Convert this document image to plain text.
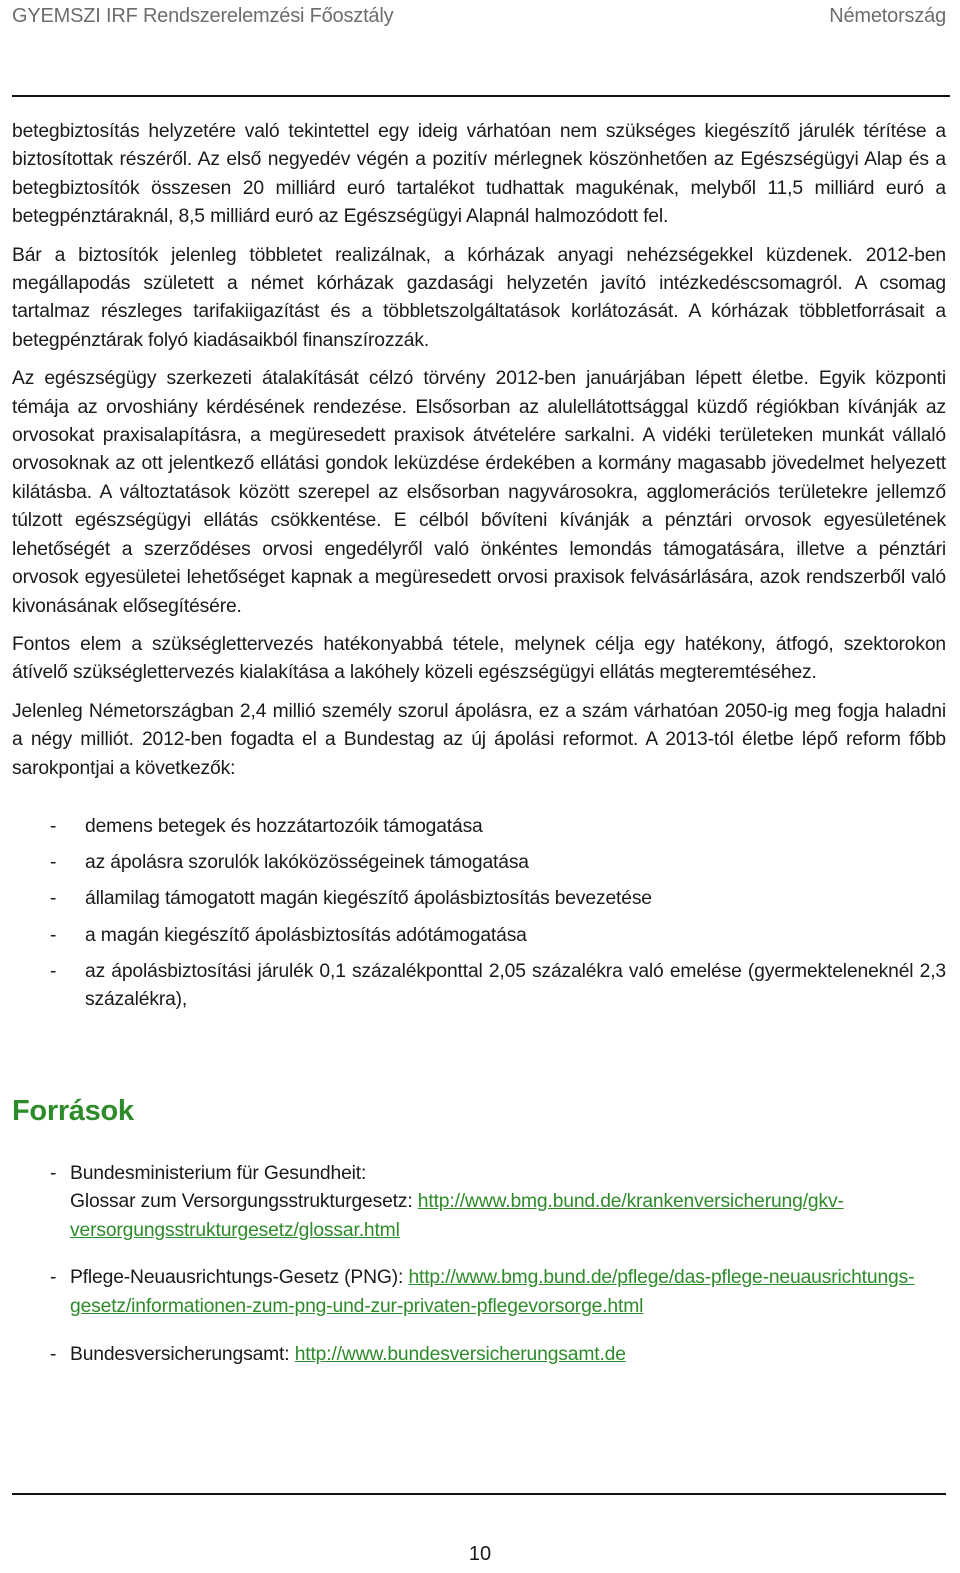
GYEMSZI IRF Rendszerelemzési Főosztály	Németország

betegbiztosítás helyzetére való tekintettel egy ideig várhatóan nem szükséges kiegészítő járulék térítése a biztosítottak részéről. Az első negyedév végén a pozitív mérlegnek köszönhetően az Egészségügyi Alap és a betegbiztosítók összesen 20 milliárd euró tartalékot tudhattak magukénak, melyből 11,5 milliárd euró a betegpénztáraknál, 8,5 milliárd euró az Egészségügyi Alapnál halmozódott fel.

Bár a biztosítók jelenleg többletet realizálnak, a kórházak anyagi nehézségekkel küzdenek. 2012-ben megállapodás született a német kórházak gazdasági helyzetén javító intézkedéscsomagról. A csomag tartalmaz részleges tarifakiigazítást és a többletszolgáltatások korlátozását. A kórházak többletforrásait a betegpénztárak folyó kiadásaikból finanszírozzák.

Az egészségügy szerkezeti átalakítását célzó törvény 2012-ben januárjában lépett életbe. Egyik központi témája az orvoshiány kérdésének rendezése. Elsősorban az alulellátottsággal küzdő régiókban kívánják az orvosokat praxisalapításra, a megüresedett praxisok átvételére sarkalni. A vidéki területeken munkát vállaló orvosoknak az ott jelentkező ellátási gondok leküzdése érdekében a kormány magasabb jövedelmet helyezett kilátásba. A változtatások között szerepel az elsősorban nagyvárosokra, agglomerációs területekre jellemző túlzott egészségügyi ellátás csökkentése. E célból bővíteni kívánják a pénztári orvosok egyesületének lehetőségét a szerződéses orvosi engedélyről való önkéntes lemondás támogatására, illetve a pénztári orvosok egyesületei lehetőséget kapnak a megüresedett orvosi praxisok felvásárlására, azok rendszerből való kivonásának elősegítésére.

Fontos elem a szükséglettervezés hatékonyabbá tétele, melynek célja egy hatékony, átfogó, szektorokon átívelő szükséglettervezés kialakítása a lakóhely közeli egészségügyi ellátás megteremtéséhez.

Jelenleg Németországban 2,4 millió személy szorul ápolásra, ez a szám várhatóan 2050-ig meg fogja haladni a négy milliót. 2012-ben fogadta el a Bundestag az új ápolási reformot. A 2013-tól életbe lépő reform főbb sarokpontjai a következők:

- demens betegek és hozzátartozóik támogatása
- az ápolásra szorulók lakóközösségeinek támogatása
- államilag támogatott magán kiegészítő ápolásbiztosítás bevezetése
- a magán kiegészítő ápolásbiztosítás adótámogatása
- az ápolásbiztosítási járulék 0,1 százalékponttal 2,05 százalékra való emelése (gyermekteleneknél 2,3 százalékra),
Források
- Bundesministerium für Gesundheit:
Glossar zum Versorgungsstrukturgesetz: http://www.bmg.bund.de/krankenversicherung/gkv-versorgungsstrukturgesetz/glossar.html
- Pflege-Neuausrichtungs-Gesetz (PNG): http://www.bmg.bund.de/pflege/das-pflege-neuausrichtungs-gesetz/informationen-zum-png-und-zur-privaten-pflegevorsorge.html
- Bundesversicherungsamt: http://www.bundesversicherungsamt.de
10
